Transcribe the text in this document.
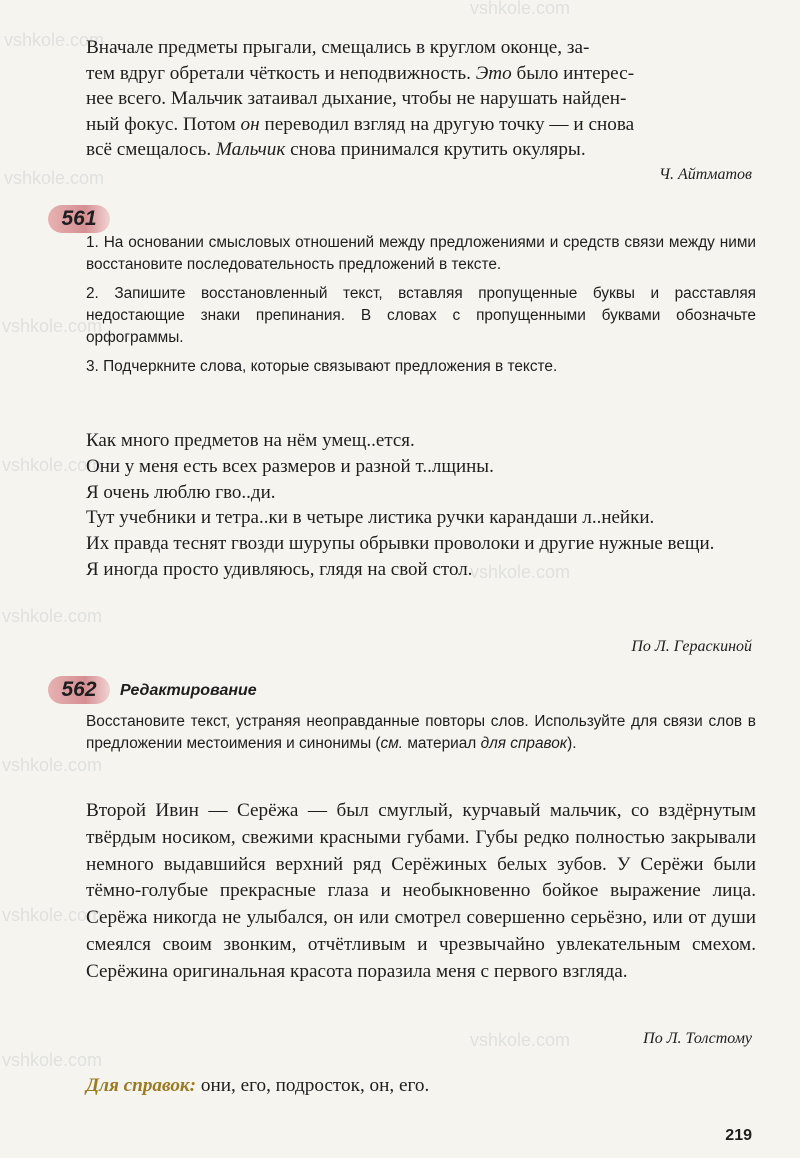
vshkole.com
vshkole.com
vshkole.com
vshkole.com
vshkole.com
vshkole.com
vshkole.com
vshkole.com
vshkole.com
vshkole.com
vshkole.com

Вначале предметы прыгали, смещались в круглом оконце, за-

тем вдруг обретали чёткость и неподвижность. Это было интерес-

нее всего. Мальчик затаивал дыхание, чтобы не нарушать найден-

ный фокус. Потом он переводил взгляд на другую точку — и снова

всё смещалось. Мальчик снова принимался крутить окуляры.

Ч. Айтматов
561

1. На основании смысловых отношений между предложениями и средств связи между ними восстановите последовательность предложений в тексте.

2. Запишите восстановленный текст, вставляя пропущенные буквы и расставляя недостающие знаки препинания. В словах с пропущенными буквами обозначьте орфограммы.

3. Подчеркните слова, которые связывают предложения в тексте.

Как много предметов на нём умещ..ется.

Они у меня есть всех размеров и разной т..лщины.

Я очень люблю гво..ди.

Тут учебники и тетра..ки в четыре листика ручки карандаши л..нейки.

Их правда теснят гвозди шурупы обрывки проволоки и другие нужные вещи.

Я иногда просто удивляюсь, глядя на свой стол.

По Л. Гераскиной
562	Редактирование

Восстановите текст, устраняя неоправданные повторы слов. Используйте для связи слов в предложении местоимения и синонимы (см. материал для справок).

Второй Ивин — Серёжа — был смуглый, курчавый мальчик, со вздёрнутым твёрдым носиком, свежими красными губами. Губы редко полностью закрывали немного выдавшийся верхний ряд Серёжиных белых зубов. У Серёжи были тёмно-голубые прекрасные глаза и необыкновенно бойкое выражение лица. Серёжа никогда не улыбался, он или смотрел совершенно серьёзно, или от души смеялся своим звонким, отчётливым и чрезвычайно увлекательным смехом. Серёжина оригинальная красота поразила меня с первого взгляда.

По Л. Толстому

Для справок: они, его, подросток, он, его.

219
